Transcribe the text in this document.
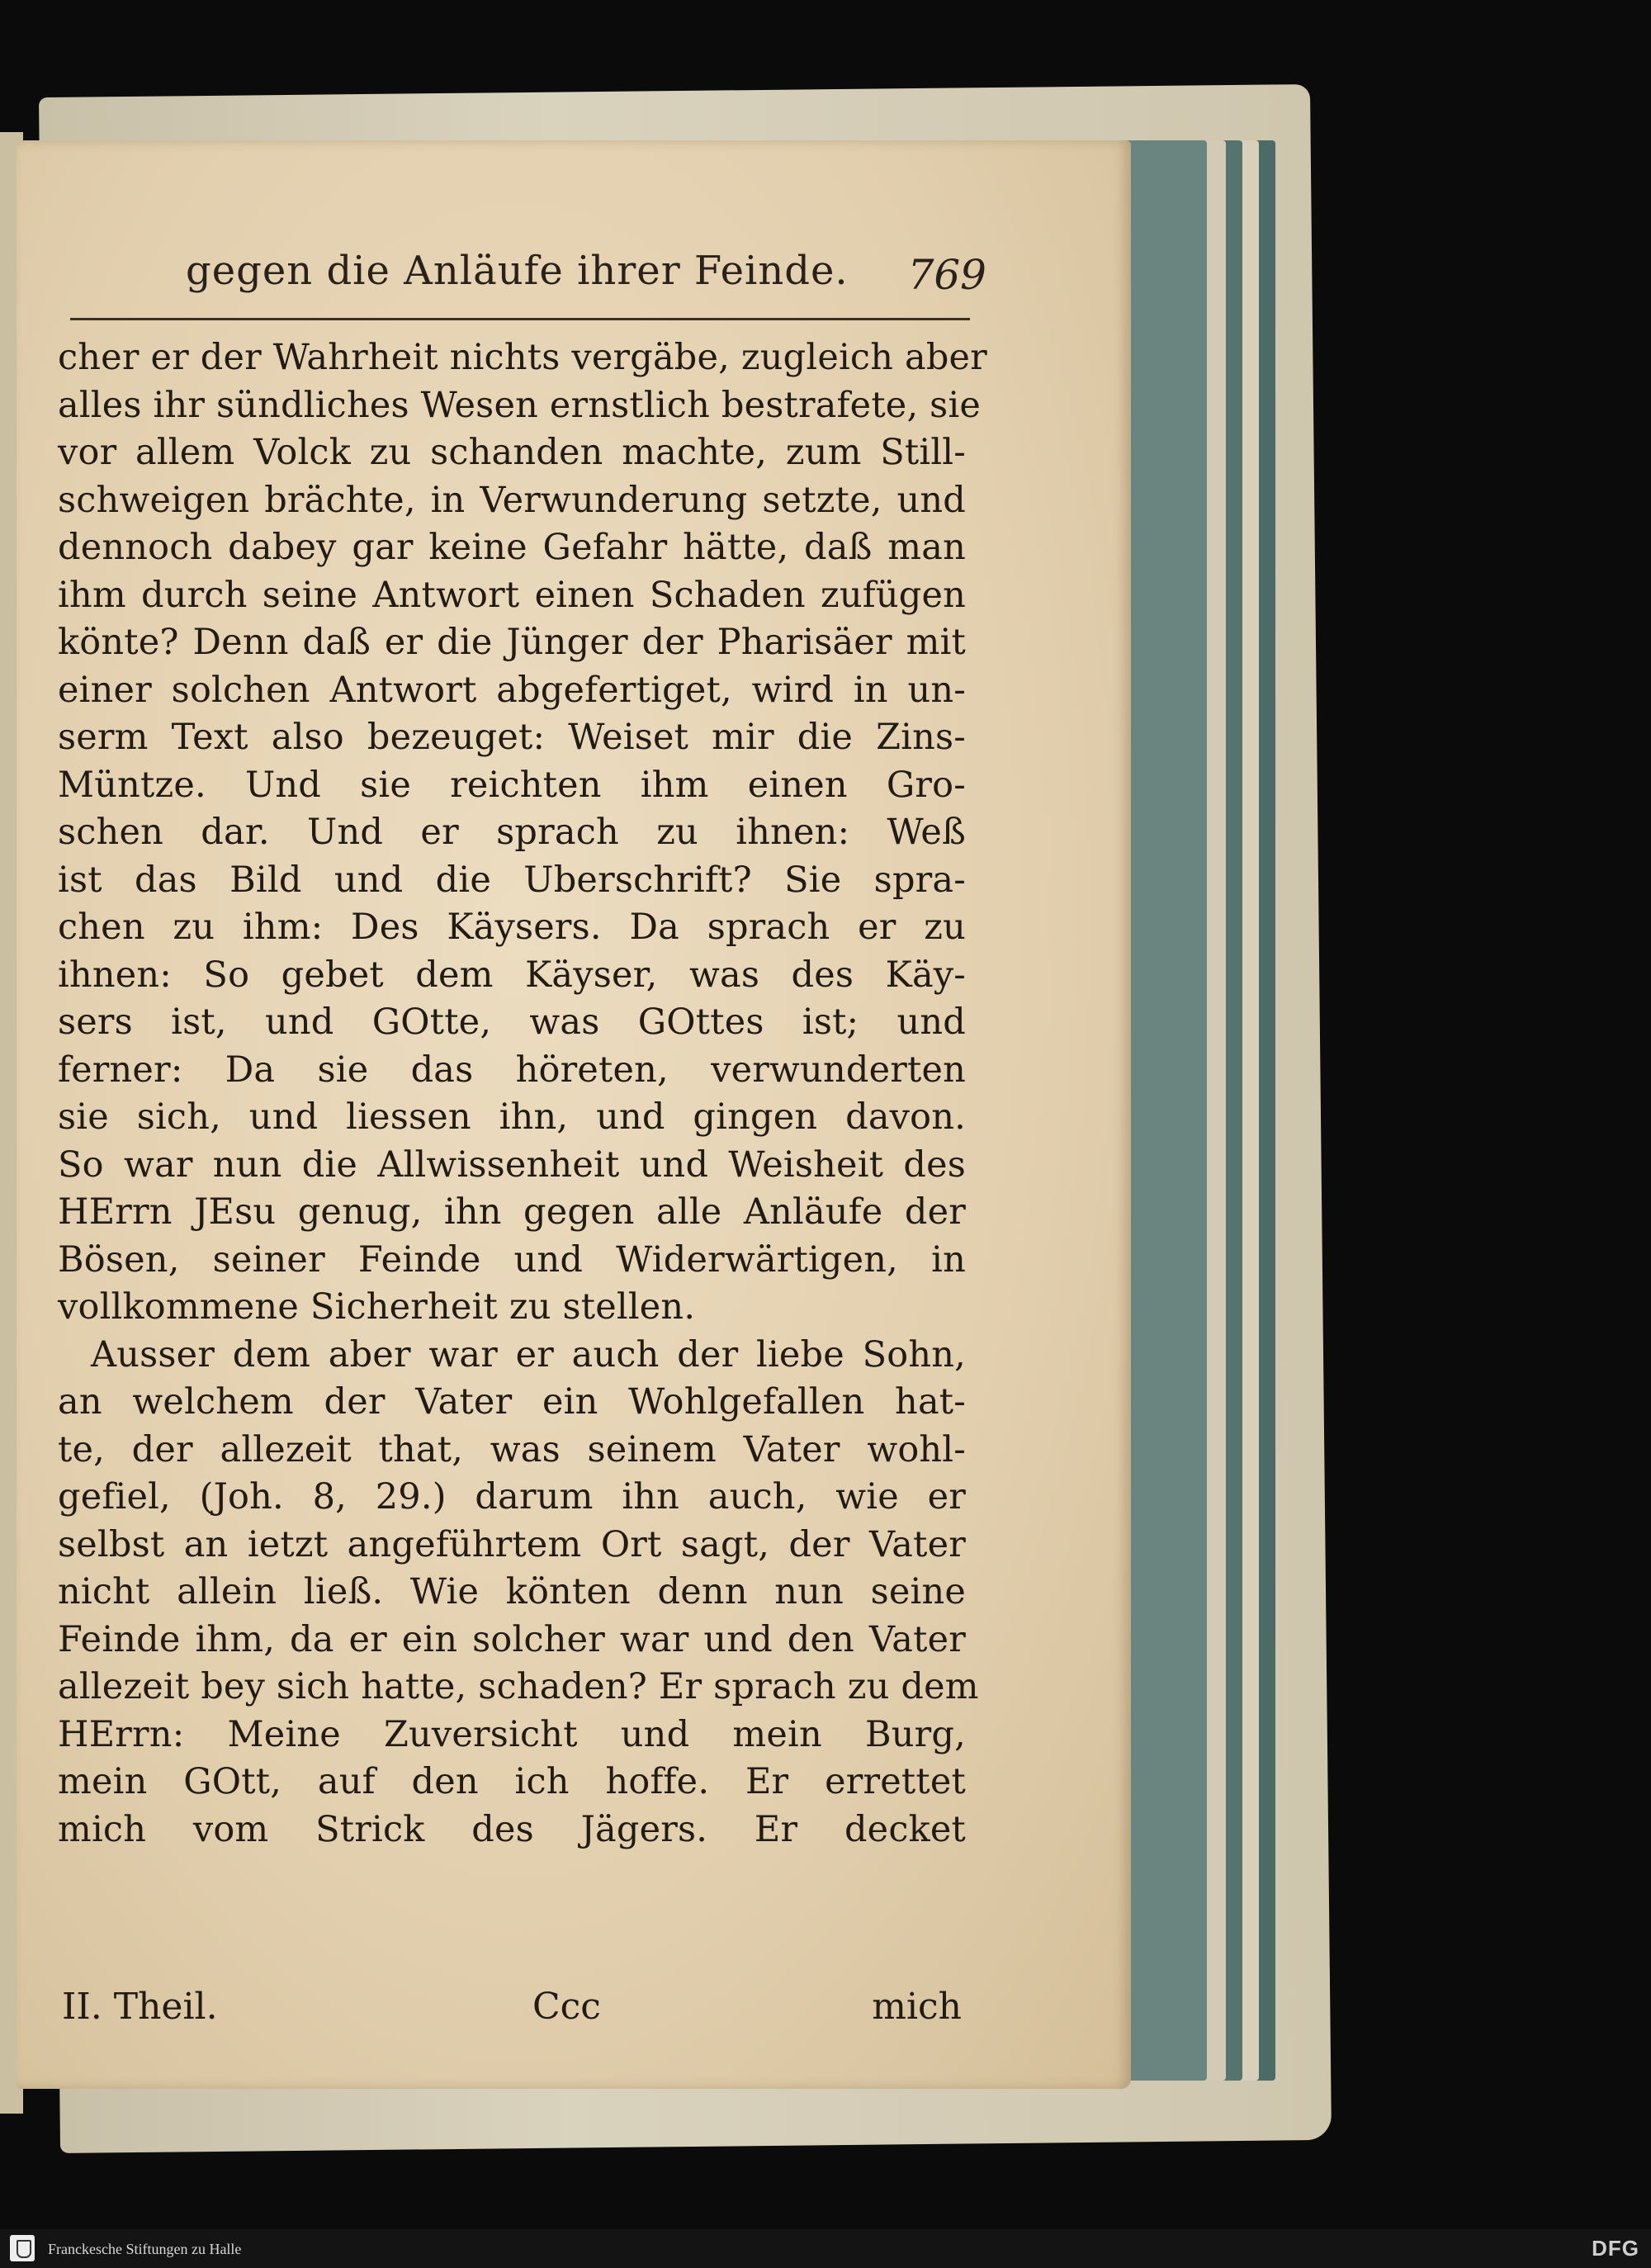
gegen die Anläufe ihrer Feinde. 769
cher er der Wahrheit nichts vergäbe, zugleich aber
alles ihr sündliches Wesen ernstlich bestrafete, sie
vor allem Volck zu schanden machte, zum Still-
schweigen brächte, in Verwunderung setzte, und
dennoch dabey gar keine Gefahr hätte, daß man
ihm durch seine Antwort einen Schaden zufügen
könte? Denn daß er die Jünger der Pharisäer mit
einer solchen Antwort abgefertiget, wird in un-
serm Text also bezeuget: Weiset mir die Zins-
Müntze. Und sie reichten ihm einen Gro-
schen dar. Und er sprach zu ihnen: Weß
ist das Bild und die Uberschrift? Sie spra-
chen zu ihm: Des Käysers. Da sprach er zu
ihnen: So gebet dem Käyser, was des Käy-
sers ist, und GOtte, was GOttes ist; und
ferner: Da sie das höreten, verwunderten
sie sich, und liessen ihn, und gingen davon.
So war nun die Allwissenheit und Weisheit des
HErrn JEsu genug, ihn gegen alle Anläufe der
Bösen, seiner Feinde und Widerwärtigen, in
vollkommene Sicherheit zu stellen.
Ausser dem aber war er auch der liebe Sohn,
an welchem der Vater ein Wohlgefallen hat-
te, der allezeit that, was seinem Vater wohl-
gefiel, (Joh. 8, 29.) darum ihn auch, wie er
selbst an ietzt angeführtem Ort sagt, der Vater
nicht allein ließ. Wie könten denn nun seine
Feinde ihm, da er ein solcher war und den Vater
allezeit bey sich hatte, schaden? Er sprach zu dem
HErrn: Meine Zuversicht und mein Burg,
mein GOtt, auf den ich hoffe. Er errettet
mich vom Strick des Jägers. Er decket
II. Theil.	Ccc	mich
Franckesche Stiftungen zu Halle	DFG
